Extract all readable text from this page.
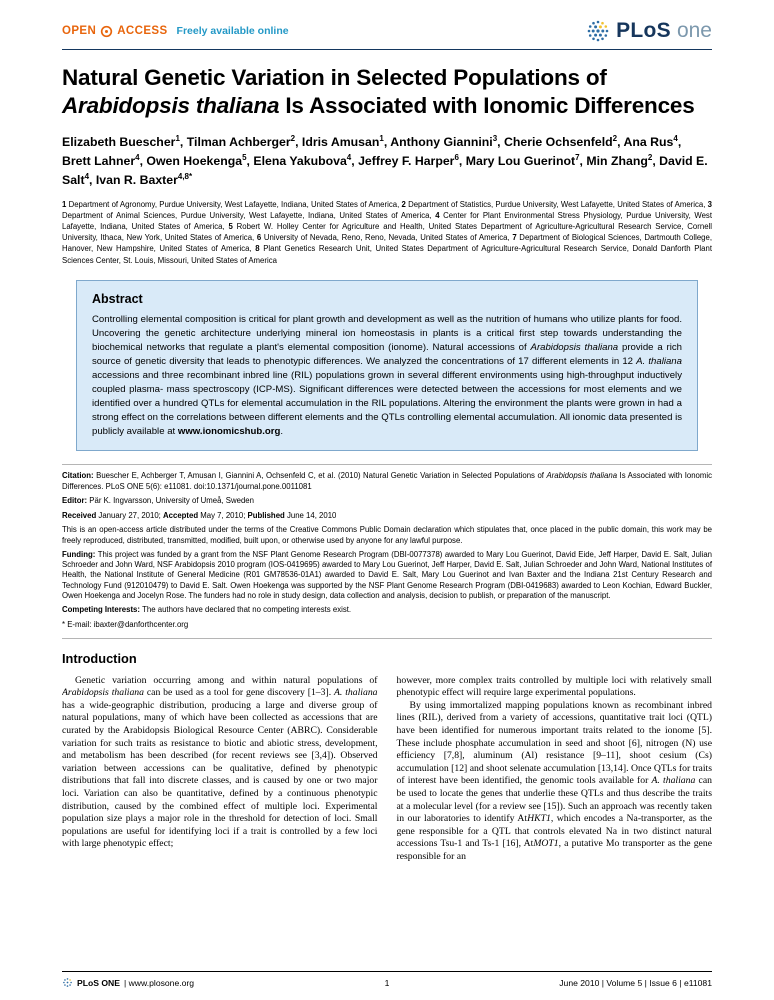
OPEN ACCESS Freely available online	PLoS one
Natural Genetic Variation in Selected Populations of Arabidopsis thaliana Is Associated with Ionomic Differences

Elizabeth Buescher$^1$, Tilman Achberger$^2$, Idris Amusan$^1$, Anthony Giannini$^3$, Cherie Ochsenfeld$^2$, Ana Rus$^4$, Brett Lahner$^4$, Owen Hoekenga$^5$, Elena Yakubova$^4$, Jeffrey F. Harper$^6$, Mary Lou Guerinot$^7$, Min Zhang$^2$, David E. Salt$^4$, Ivan R. Baxter$^{4,8*}$

1 Department of Agronomy, Purdue University, West Lafayette, Indiana, United States of America, 2 Department of Statistics, Purdue University, West Lafayette, United States of America, 3 Department of Animal Sciences, Purdue University, West Lafayette, Indiana, United States of America, 4 Center for Plant Environmental Stress Physiology, Purdue University, West Lafayette, Indiana, United States of America, 5 Robert W. Holley Center for Agriculture and Health, United States Department of Agriculture-Agricultural Research Service, Cornell University, Ithaca, New York, United States of America, 6 University of Nevada, Reno, Reno, Nevada, United States of America, 7 Department of Biological Sciences, Dartmouth College, Hanover, New Hampshire, United States of America, 8 Plant Genetics Research Unit, United States Department of Agriculture-Agricultural Research Service, Donald Danforth Plant Sciences Center, St. Louis, Missouri, United States of America

Abstract

Controlling elemental composition is critical for plant growth and development as well as the nutrition of humans who utilize plants for food. Uncovering the genetic architecture underlying mineral ion homeostasis in plants is a critical first step towards understanding the biochemical networks that regulate a plant's elemental composition (ionome). Natural accessions of Arabidopsis thaliana provide a rich source of genetic diversity that leads to phenotypic differences. We analyzed the concentrations of 17 different elements in 12 A. thaliana accessions and three recombinant inbred line (RIL) populations grown in several different environments using high-throughput inductively coupled plasma- mass spectroscopy (ICP-MS). Significant differences were detected between the accessions for most elements and we identified over a hundred QTLs for elemental accumulation in the RIL populations. Altering the environment the plants were grown in had a strong effect on the correlations between different elements and the QTLs controlling elemental accumulation. All ionomic data presented is publicly available at www.ionomicshub.org.

Citation: Buescher E, Achberger T, Amusan I, Giannini A, Ochsenfeld C, et al. (2010) Natural Genetic Variation in Selected Populations of Arabidopsis thaliana Is Associated with Ionomic Differences. PLoS ONE 5(6): e11081. doi:10.1371/journal.pone.0011081

Editor: Pär K. Ingvarsson, University of Umeå, Sweden

Received January 27, 2010; Accepted May 7, 2010; Published June 14, 2010

This is an open-access article distributed under the terms of the Creative Commons Public Domain declaration which stipulates that, once placed in the public domain, this work may be freely reproduced, distributed, transmitted, modified, built upon, or otherwise used by anyone for any lawful purpose.

Funding: This project was funded by a grant from the NSF Plant Genome Research Program (DBI-0077378) awarded to Mary Lou Guerinot, David Eide, Jeff Harper, David E. Salt, Julian Schroeder and John Ward, NSF Arabidopsis 2010 program (IOS-0419695) awarded to Mary Lou Guerinot, Jeff Harper, David E. Salt, Julian Schroeder and John Ward, National Institutes of Health, the National Institute of General Medicine (R01 GM78536-01A1) awarded to David E. Salt, Mary Lou Guerinot and Ivan Baxter and the Indiana 21st Century Research and Technology Fund (912010479) to David E. Salt. Owen Hoekenga was supported by the NSF Plant Genome Research Program (DBI-0419683) awarded to Leon Kochian, Edward Buckler, Owen Hoekenga and Jocelyn Rose. The funders had no role in study design, data collection and analysis, decision to publish, or preparation of the manuscript.

Competing Interests: The authors have declared that no competing interests exist.

* E-mail: ibaxter@danforthcenter.org

Introduction

Genetic variation occurring among and within natural populations of Arabidopsis thaliana can be used as a tool for gene discovery [1–3]. A. thaliana has a wide-geographic distribution, producing a large and diverse group of natural populations, many of which have been collected as accessions that are curated by the Arabidopsis Biological Resource Center (ABRC). Considerable variation for such traits as resistance to biotic and abiotic stress, development, and metabolism has been described (for recent reviews see [3,4]). Observed variation between accessions can be qualitative, defined by phenotypic distributions that fall into discrete classes, and is caused by one or two major loci. Variation can also be quantitative, defined by a continuous phenotypic distribution, caused by the combined effect of multiple loci. Experimental population size plays a major role in the threshold for detection of loci. Small populations are useful for identifying loci if a trait is controlled by a few loci with large phenotypic effect;

however, more complex traits controlled by multiple loci with relatively small phenotypic effect will require large experimental populations.

By using immortalized mapping populations known as recombinant inbred lines (RIL), derived from a variety of accessions, quantitative trait loci (QTL) have been identified for numerous important traits related to the ionome [5]. These include phosphate accumulation in seed and shoot [6], nitrogen (N) use efficiency [7,8], aluminum (Al) resistance [9–11], shoot cesium (Cs) accumulation [12] and shoot selenate accumulation [13,14]. Once QTLs for traits of interest have been identified, the genomic tools available for A. thaliana can be used to locate the genes that underlie these QTLs and thus describe the traits at a molecular level (for a review see [15]). Such an approach was recently taken in our laboratories to identify AtHKT1, which encodes a Na-transporter, as the gene responsible for a QTL that controls elevated Na in two distinct natural accessions Tsu-1 and Ts-1 [16], AtMOT1, a putative Mo transporter as the gene responsible for an

PLoS ONE | www.plosone.org	1	June 2010 | Volume 5 | Issue 6 | e11081
